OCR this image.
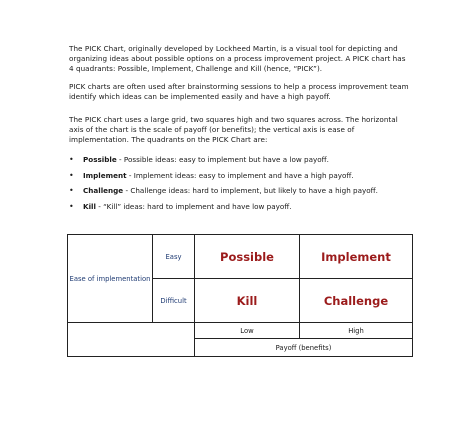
The PICK Chart, originally developed by Lockheed Martin, is a visual tool for depicting and organizing ideas about possible options on a process improvement project. A PICK chart has 4 quadrants: Possible, Implement, Challenge and Kill (hence, “PICK”).
PICK charts are often used after brainstorming sessions to help a process improvement team identify which ideas can be implemented easily and have a high payoff.
The PICK chart uses a large grid, two squares high and two squares across. The horizontal axis of the chart is the scale of payoff (or benefits); the vertical axis is ease of implementation. The quadrants on the PICK Chart are:
• Possible - Possible ideas: easy to implement but have a low payoff.
• Implement - Implement ideas: easy to implement and have a high payoff.
• Challenge - Challenge ideas: hard to implement, but likely to have a high payoff.
• Kill - “Kill” ideas: hard to implement and have low payoff.
Ease of implementation	Easy	Possible	Implement
	Difficult	Kill	Challenge
		Low	High
		Payoff (benefits)	
